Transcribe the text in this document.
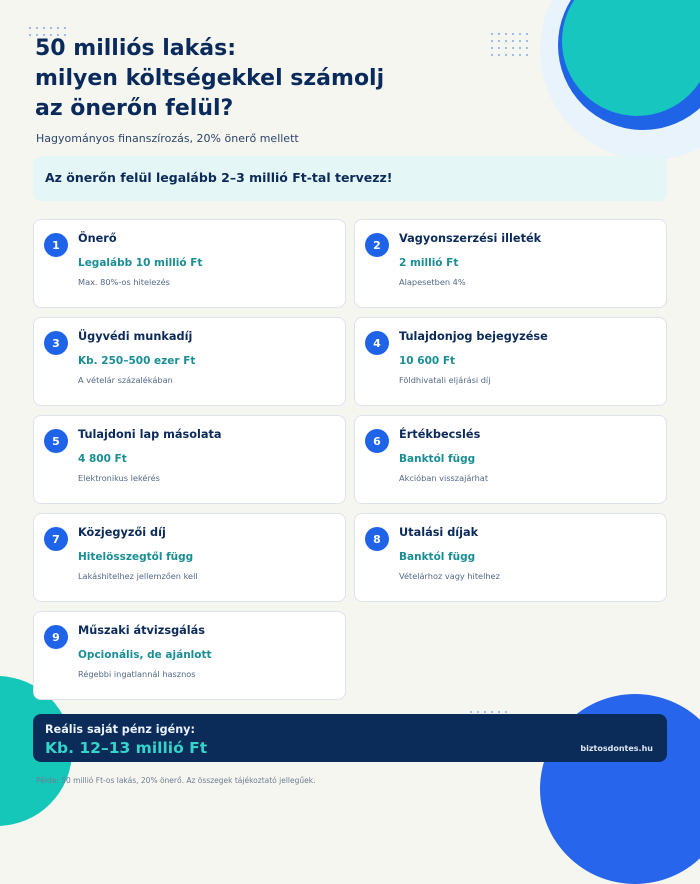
50 milliós lakás:
milyen költségekkel számolj
az önerőn felül?
Hagyományos finanszírozás, 20% önerő mellett
Az önerőn felül legalább 2–3 millió Ft-tal tervezz!
1	Önerő
Legalább 10 millió Ft
Max. 80%-os hitelezés
2	Vagyonszerzési illeték
2 millió Ft
Alapesetben 4%
3	Ügyvédi munkadíj
Kb. 250–500 ezer Ft
A vételár százalékában
4	Tulajdonjog bejegyzése
10 600 Ft
Földhivatali eljárási díj
5	Tulajdoni lap másolata
4 800 Ft
Elektronikus lekérés
6	Értékbecslés
Banktól függ
Akcióban visszajárhat
7	Közjegyzői díj
Hitelösszegtől függ
Lakáshitelhez jellemzően kell
8	Utalási díjak
Banktól függ
Vételárhoz vagy hitelhez
9	Műszaki átvizsgálás
Opcionális, de ajánlott
Régebbi ingatlannál hasznos
Reális saját pénz igény:
Kb. 12–13 millió Ft	biztosdontes.hu
Példa: 50 millió Ft-os lakás, 20% önerő. Az összegek tájékoztató jellegűek.
